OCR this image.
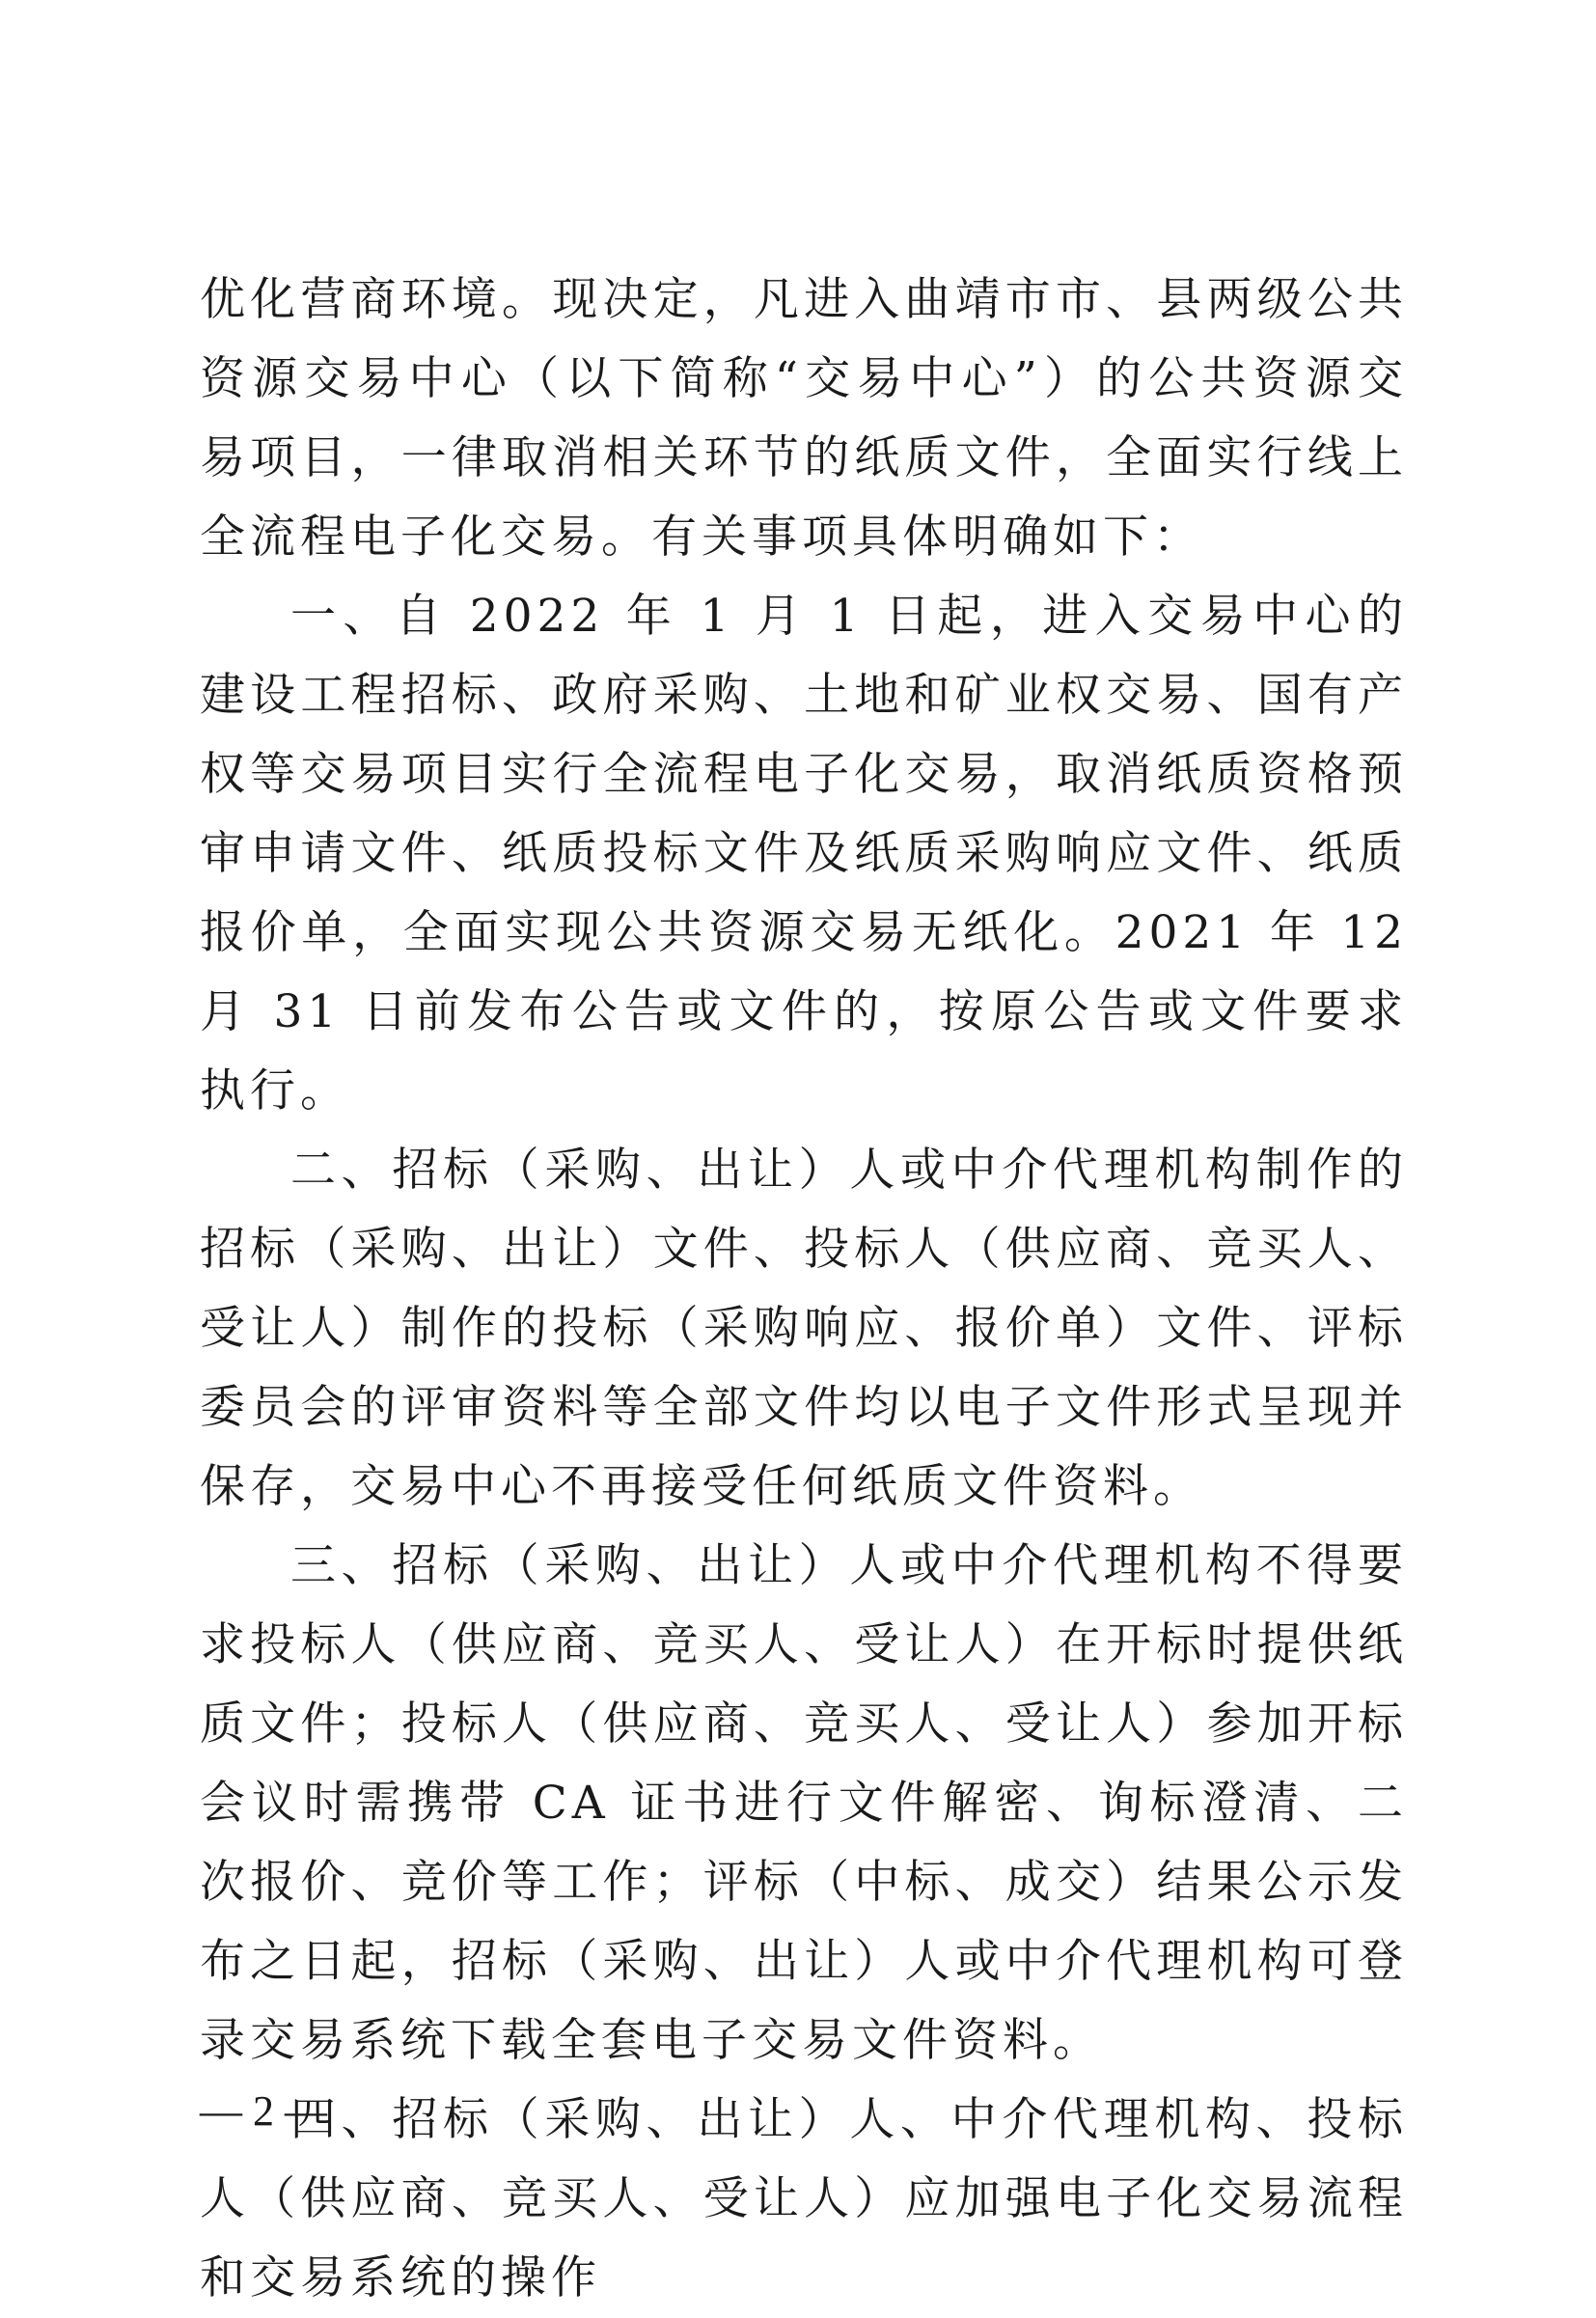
优化营商环境。现决定，凡进入曲靖市市、县两级公共资源交易中心（以下简称“交易中心”）的公共资源交易项目，一律取消相关环节的纸质文件，全面实行线上全流程电子化交易。有关事项具体明确如下：

一、自 2022 年 1 月 1 日起，进入交易中心的建设工程招标、政府采购、土地和矿业权交易、国有产权等交易项目实行全流程电子化交易，取消纸质资格预审申请文件、纸质投标文件及纸质采购响应文件、纸质报价单，全面实现公共资源交易无纸化。2021 年 12 月 31 日前发布公告或文件的，按原公告或文件要求执行。

二、招标（采购、出让）人或中介代理机构制作的招标（采购、出让）文件、投标人（供应商、竞买人、受让人）制作的投标（采购响应、报价单）文件、评标委员会的评审资料等全部文件均以电子文件形式呈现并保存，交易中心不再接受任何纸质文件资料。

三、招标（采购、出让）人或中介代理机构不得要求投标人（供应商、竞买人、受让人）在开标时提供纸质文件；投标人（供应商、竞买人、受让人）参加开标会议时需携带 CA 证书进行文件解密、询标澄清、二次报价、竞价等工作；评标（中标、成交）结果公示发布之日起，招标（采购、出让）人或中介代理机构可登录交易系统下载全套电子交易文件资料。

四、招标（采购、出让）人、中介代理机构、投标人（供应商、竞买人、受让人）应加强电子化交易流程和交易系统的操作

— 2 —
